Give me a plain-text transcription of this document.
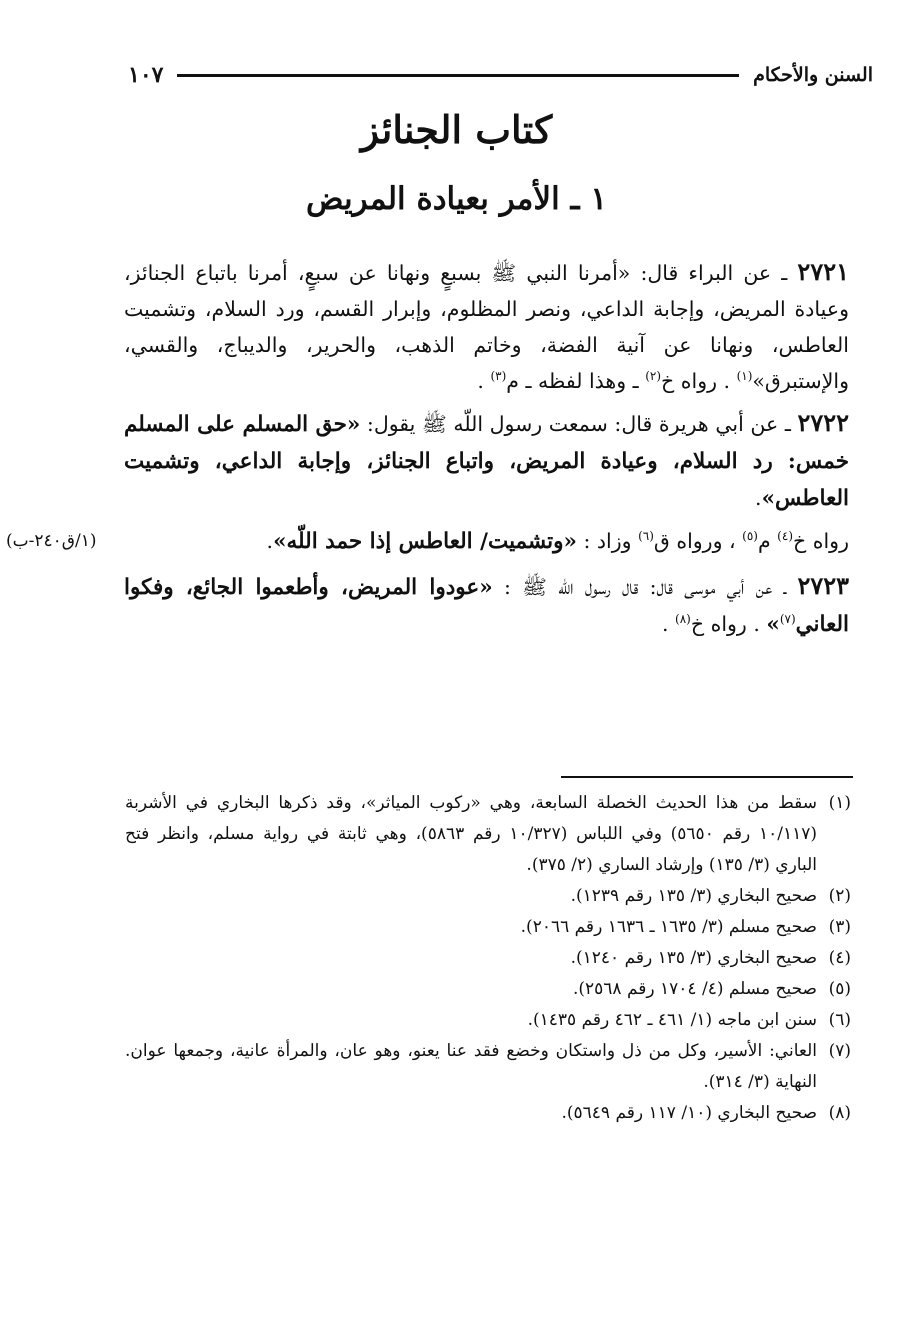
السنن والأحكام
١٠٧
كتاب الجنائز
١ ـ الأمر بعيادة المريض

٢٧٢١ ـ عن البراء قال: «أمرنا النبي ﷺ بسبعٍ ونهانا عن سبعٍ، أمرنا باتباع الجنائز، وعيادة المريض، وإجابة الداعي، ونصر المظلوم، وإبرار القسم، ورد السلام، وتشميت العاطس، ونهانا عن آنية الفضة، وخاتم الذهب، والحرير، والديباج، والقسي، والإستبرق»$^{(١)}$ . رواه خ$^{(٢)}$ ـ وهذا لفظه ـ م$^{(٣)}$ .

٢٧٢٢ ـ عن أبي هريرة قال: سمعت رسول اللّه ﷺ يقول: «حق المسلم على المسلم خمس: رد السلام، وعيادة المريض، واتباع الجنائز، وإجابة الداعي، وتشميت العاطس».

رواه خ$^{(٤)}$ م$^{(٥)}$ ، ورواه ق$^{(٦)}$ وزاد : «وتشميت/ العاطس إذا حمد اللّه».
(١/ق٢٤٠-ب)

٢٧٢٣ ـ عن أبي موسى قال: قال رسول اللّه ﷺ : «عودوا المريض، وأطعموا الجائع، وفكوا العاني$^{(٧)}$» . رواه خ$^{(٨)}$ .

(١)
سقط من هذا الحديث الخصلة السابعة، وهي «ركوب المياثر»، وقد ذكرها البخاري في الأشربة (١٠/١١٧ رقم ٥٦٥٠) وفي اللباس (١٠/٣٢٧ رقم ٥٨٦٣)، وهي ثابتة في رواية مسلم، وانظر فتح الباري (٣/ ١٣٥) وإرشاد الساري (٢/ ٣٧٥).

(٢)
صحيح البخاري (٣/ ١٣٥ رقم ١٢٣٩).

(٣)
صحيح مسلم (٣/ ١٦٣٥ ـ ١٦٣٦ رقم ٢٠٦٦).

(٤)
صحيح البخاري (٣/ ١٣٥ رقم ١٢٤٠).

(٥)
صحيح مسلم (٤/ ١٧٠٤ رقم ٢٥٦٨).

(٦)
سنن ابن ماجه (١/ ٤٦١ ـ ٤٦٢ رقم ١٤٣٥).

(٧)
العاني: الأسير، وكل من ذل واستكان وخضع فقد عنا يعنو، وهو عان، والمرأة عانية، وجمعها عوان. النهاية (٣/ ٣١٤).

(٨)
صحيح البخاري (١٠/ ١١٧ رقم ٥٦٤٩).
